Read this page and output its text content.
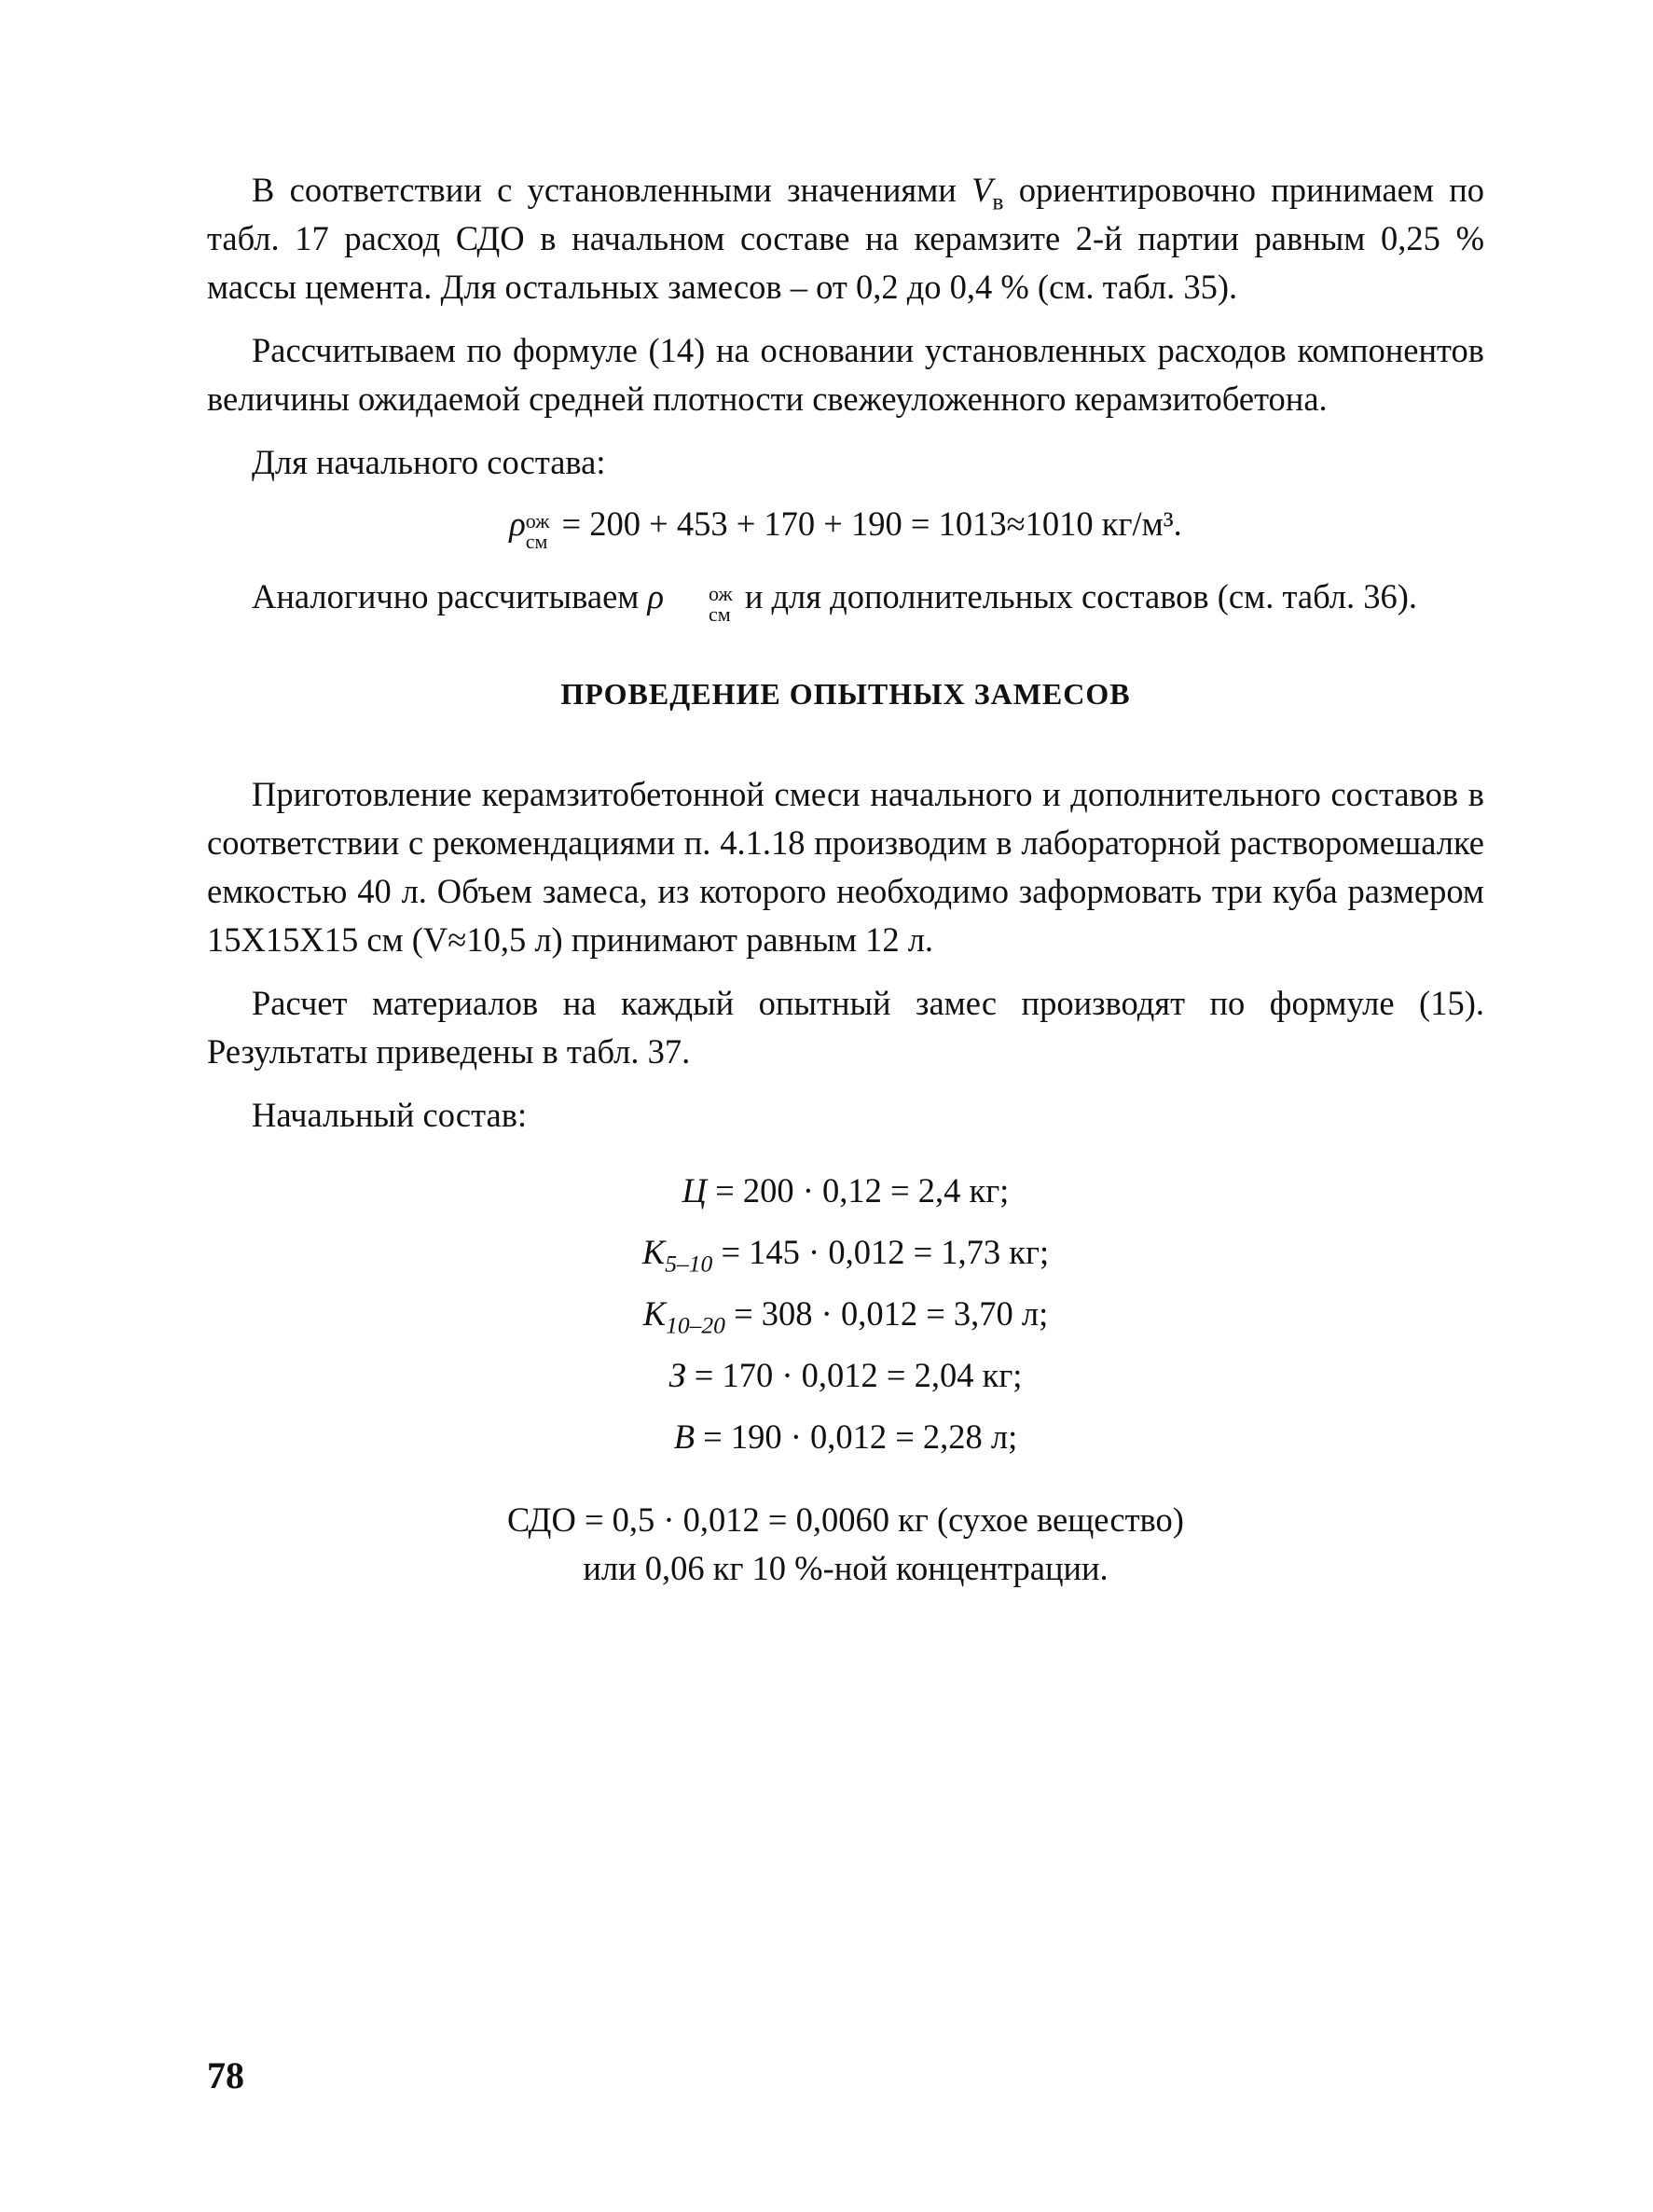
В соответствии с установленными значениями $V_в$ ориентировочно принимаем по табл. 17 расход СДО в начальном составе на керамзите 2-й партии равным 0,25 % массы цемента. Для остальных замесов – от 0,2 до 0,4 % (см. табл. 35).

Рассчитываем по формуле (14) на основании установленных расходов компонентов величины ожидаемой средней плотности свежеуложенного керамзитобетона.

Для начального состава:

ρ ож
см = 200 + 453 + 170 + 190 = 1013≈1010 кг/м³.

Аналогично рассчитываем ρ	ож
см и для дополнительных составов (см. табл. 36).

ПРОВЕДЕНИЕ ОПЫТНЫХ ЗАМЕСОВ

Приготовление керамзитобетонной смеси начального и дополнительного составов в соответствии с рекомендациями п. 4.1.18 производим в лабораторной растворомешалке емкостью 40 л. Объем замеса, из которого необходимо заформовать три куба размером 15Х15Х15 см (V≈10,5 л) принимают равным 12 л.

Расчет материалов на каждый опытный замес производят по формуле (15). Результаты приведены в табл. 37.

Начальный состав:

Ц = 200 · 0,12 = 2,4 кг;

$K_{5-10} = 145 \cdot 0,012 = 1,73$ кг;

$K_{10-20} = 308 \cdot 0,012 = 3,70$ л;

З = 170 · 0,012 = 2,04 кг;

В = 190 · 0,012 = 2,28 л;

СДО = 0,5 · 0,012 = 0,0060 кг (сухое вещество)

или 0,06 кг 10 %-ной концентрации.

78
